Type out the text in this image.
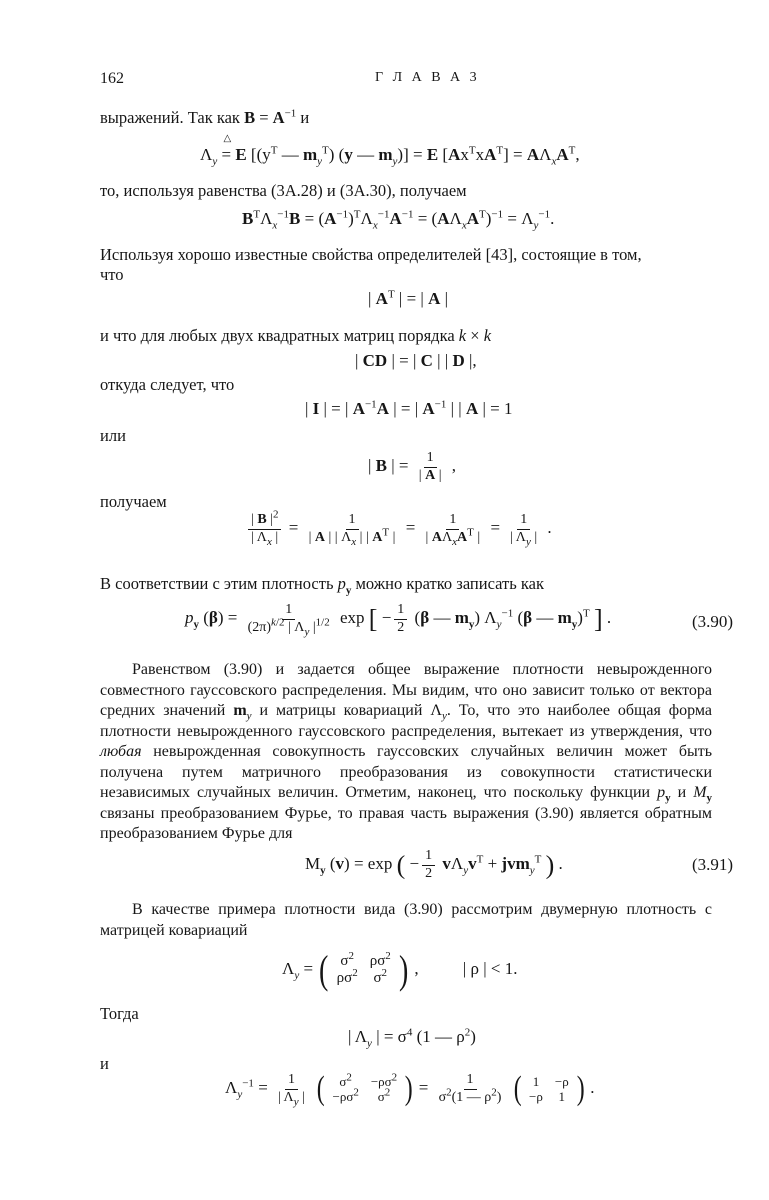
162	Г Л А В А 3
выражений. Так как $B = A^{-1}$ и
$\Lambda_y$ =
△
E [($y^T$ — $m_y^T$) (y — $m_y)] = E$ $[Ax^TxA^T] = A\Lambda_xA^T$,
то, используя равенства (3А.28) и (3А.30), получаем
$B^T\Lambda_x^{-1}B = (A^{-1})^T\Lambda_x^{-1}A^{-1} = (A\Lambda_xA^T)^{-1} = \Lambda_y^{-1}$.
Используя хорошо известные свойства определителей [43], состоящие в том,
что
| $A^T$ | = | A |
и что для любых двух квадратных матриц порядка k × k
| CD | = | C | | D |,
откуда следует, что
| I | = | $A^{-1}A$ | = | $A^{-1}$ | | A | = 1
или
| B | = $\frac{1}{| A |}$ ,
получаем
$\frac{| B |^2}{| \Lambda_x |} = \frac{1}{| A | | \Lambda_x | | A^T |} = \frac{1}{| A\Lambda_xA^T |} = \frac{1}{| \Lambda_y |}$ .
В соответствии с этим плотность $p_y$ можно кратко записать как
$p_y$ $(\beta) = \frac{1}{(2\pi)^{k/2} | \Lambda_y |^{1/2}}$ exp [ − $\frac{1}{2} (\beta$ — $m_y$) $\Lambda_y^{-1}$ (β — $m_y)^T$ ] .	(3.90)
Равенством (3.90) и задается общее выражение плотности невырожденного совместного гауссовского распределения. Мы видим, что оно зависит только от вектора средних значений $m_y$ и матрицы ковариаций $\Lambda_y$. То, что это наиболее общая форма плотности невырожденного гауссовского распределения, вытекает из утверждения, что любая невырожденная совокупность гауссовских случайных величин может быть получена путем матричного преобразования из совокупности статистически независимых случайных величин. Отметим, наконец, что поскольку функции $p_y$ и $M_y$ связаны преобразованием Фурье, то правая часть выражения (3.90) является обратным преобразованием Фурье для
$M_y$ (v) = exp ( − $\frac{1}{2} v\Lambda_yv^T + jvm_y^T$ ) .	(3.91)
В качестве примера плотности вида (3.90) рассмотрим двумерную плотность с матрицей ковариаций
$\Lambda_y$ = ( $\sigma^2$	$\rho\sigma^2$
$\rho\sigma^2$	$\sigma^2$ ) , | ρ | < 1.
Тогда
| $\Lambda_y$ | = $\sigma^4$ (1 — $\rho^2$)
и
$\Lambda_y^{-1} = \frac{1}{| \Lambda_y |}$
( $\sigma^2$	$-\rho\sigma^2$
$-\rho\sigma^2$	$\sigma^2$ ) = $\frac{1}{\sigma^2(1 — \rho^2)}$
( 1	−ρ
−ρ	1 ) .
